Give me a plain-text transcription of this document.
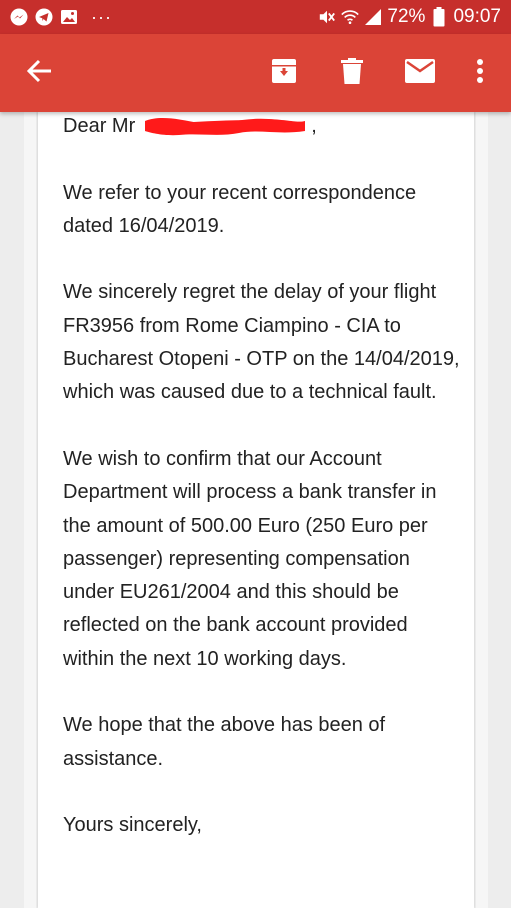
···	72% 09:07

Dear Mr	,

We refer to your recent correspondence dated 16/04/2019.

We sincerely regret the delay of your flight FR3956 from Rome Ciampino - CIA to Bucharest Otopeni - OTP on the 14/04/2019, which was caused due to a technical fault.

We wish to confirm that our Account Department will process a bank transfer in the amount of 500.00 Euro (250 Euro per passenger) representing compensation under EU261/2004 and this should be reflected on the bank account provided within the next 10 working days.

We hope that the above has been of assistance.

Yours sincerely,
